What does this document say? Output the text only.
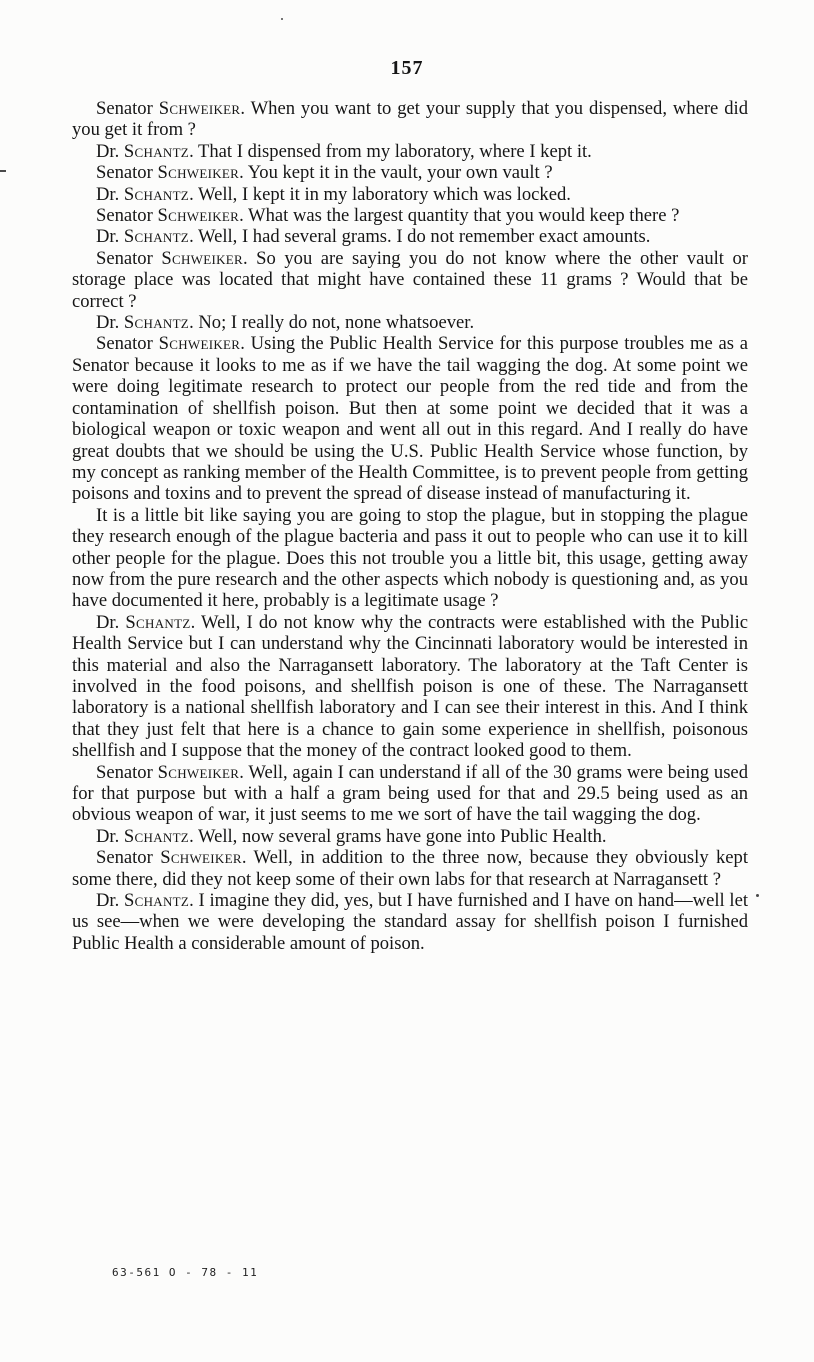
157

Senator Schweiker. When you want to get your supply that you dispensed, where did you get it from ?

Dr. Schantz. That I dispensed from my laboratory, where I kept it.

Senator Schweiker. You kept it in the vault, your own vault ?

Dr. Schantz. Well, I kept it in my laboratory which was locked.

Senator Schweiker. What was the largest quantity that you would keep there ?

Dr. Schantz. Well, I had several grams. I do not remember exact amounts.

Senator Schweiker. So you are saying you do not know where the other vault or storage place was located that might have contained these 11 grams ? Would that be correct ?

Dr. Schantz. No; I really do not, none whatsoever.

Senator Schweiker. Using the Public Health Service for this purpose troubles me as a Senator because it looks to me as if we have the tail wagging the dog. At some point we were doing legitimate research to protect our people from the red tide and from the contamination of shellfish poison. But then at some point we decided that it was a biological weapon or toxic weapon and went all out in this regard. And I really do have great doubts that we should be using the U.S. Public Health Service whose function, by my concept as ranking member of the Health Committee, is to prevent people from getting poisons and toxins and to prevent the spread of disease instead of manufacturing it.

It is a little bit like saying you are going to stop the plague, but in stopping the plague they research enough of the plague bacteria and pass it out to people who can use it to kill other people for the plague. Does this not trouble you a little bit, this usage, getting away now from the pure research and the other aspects which nobody is questioning and, as you have documented it here, probably is a legitimate usage ?

Dr. Schantz. Well, I do not know why the contracts were established with the Public Health Service but I can understand why the Cincinnati laboratory would be interested in this material and also the Narragansett laboratory. The laboratory at the Taft Center is involved in the food poisons, and shellfish poison is one of these. The Narragansett laboratory is a national shellfish laboratory and I can see their interest in this. And I think that they just felt that here is a chance to gain some experience in shellfish, poisonous shellfish and I suppose that the money of the contract looked good to them.

Senator Schweiker. Well, again I can understand if all of the 30 grams were being used for that purpose but with a half a gram being used for that and 29.5 being used as an obvious weapon of war, it just seems to me we sort of have the tail wagging the dog.

Dr. Schantz. Well, now several grams have gone into Public Health.

Senator Schweiker. Well, in addition to the three now, because they obviously kept some there, did they not keep some of their own labs for that research at Narragansett ?

Dr. Schantz. I imagine they did, yes, but I have furnished and I have on hand—well let us see—when we were developing the standard assay for shellfish poison I furnished Public Health a considerable amount of poison.

63-561 O - 78 - 11
